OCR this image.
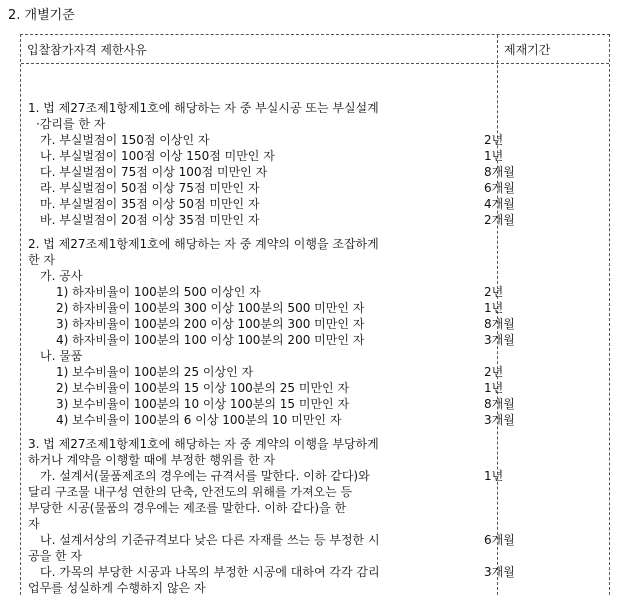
2. 개별기준
입찰참가자격 제한사유	제재기간
1. 법 제27조제1항제1호에 해당하는 자 중 부실시공 또는 부실설계
·감리를 한 자
가. 부실벌점이 150점 이상인 자	2년
나. 부실벌점이 100점 이상 150점 미만인 자	1년
다. 부실벌점이 75점 이상 100점 미만인 자	8개월
라. 부실벌점이 50점 이상 75점 미만인 자	6개월
마. 부실벌점이 35점 이상 50점 미만인 자	4개월
바. 부실벌점이 20점 이상 35점 미만인 자	2개월
2. 법 제27조제1항제1호에 해당하는 자 중 계약의 이행을 조잡하게
한 자
가. 공사
1) 하자비율이 100분의 500 이상인 자	2년
2) 하자비율이 100분의 300 이상 100분의 500 미만인 자	1년
3) 하자비율이 100분의 200 이상 100분의 300 미만인 자	8개월
4) 하자비율이 100분의 100 이상 100분의 200 미만인 자	3개월
나. 물품
1) 보수비율이 100분의 25 이상인 자	2년
2) 보수비율이 100분의 15 이상 100분의 25 미만인 자	1년
3) 보수비율이 100분의 10 이상 100분의 15 미만인 자	8개월
4) 보수비율이 100분의 6 이상 100분의 10 미만인 자	3개월
3. 법 제27조제1항제1호에 해당하는 자 중 계약의 이행을 부당하게
하거나 계약을 이행할 때에 부정한 행위를 한 자
가. 설계서(물품제조의 경우에는 규격서를 말한다. 이하 같다)와	1년
달리 구조물 내구성 연한의 단축, 안전도의 위해를 가져오는 등
부당한 시공(물품의 경우에는 제조를 말한다. 이하 같다)을 한
자
나. 설계서상의 기준규격보다 낮은 다른 자재를 쓰는 등 부정한 시	6개월
공을 한 자
다. 가목의 부당한 시공과 나목의 부정한 시공에 대하여 각각 감리	3개월
업무를 성실하게 수행하지 않은 자
